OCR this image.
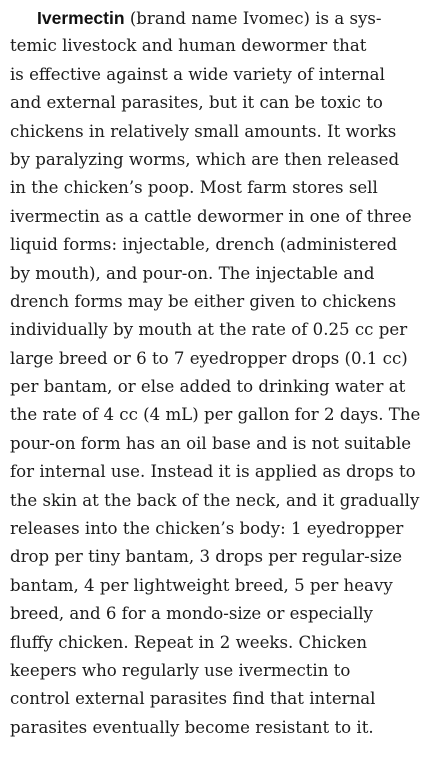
Ivermectin (brand name Ivomec) is a sys-
temic livestock and human dewormer that
is effective against a wide variety of internal
and external parasites, but it can be toxic to
chickens in relatively small amounts. It works
by paralyzing worms, which are then released
in the chicken’s poop. Most farm stores sell
ivermectin as a cattle dewormer in one of three
liquid forms: injectable, drench (administered
by mouth), and pour-on. The injectable and
drench forms may be either given to chickens
individually by mouth at the rate of 0.25 cc per
large breed or 6 to 7 eyedropper drops (0.1 cc)
per bantam, or else added to drinking water at
the rate of 4 cc (4 mL) per gallon for 2 days. The
pour-on form has an oil base and is not suitable
for internal use. Instead it is applied as drops to
the skin at the back of the neck, and it gradually
releases into the chicken’s body: 1 eyedropper
drop per tiny bantam, 3 drops per regular-size
bantam, 4 per lightweight breed, 5 per heavy
breed, and 6 for a mondo-size or especially
fluffy chicken. Repeat in 2 weeks. Chicken
keepers who regularly use ivermectin to
control external parasites find that internal
parasites eventually become resistant to it.
